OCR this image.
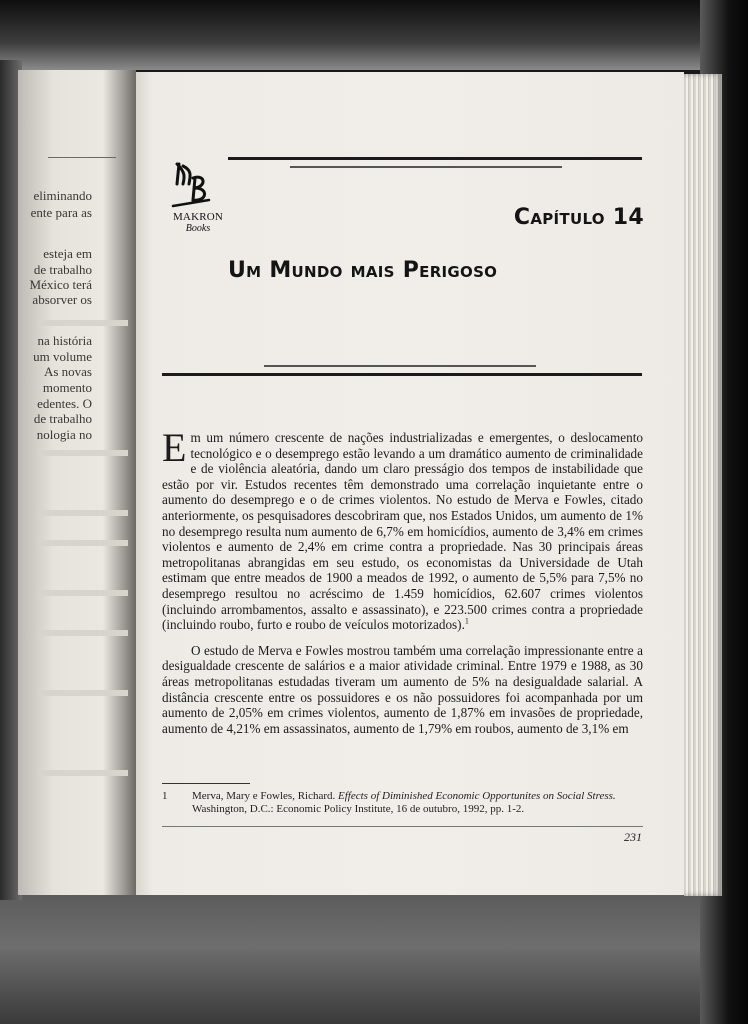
eliminando
ente para as
esteja em
de trabalho
México terá
absorver os
na história
um volume
As novas
momento
edentes. O
de trabalho
nologia no
MAKRON
Books	Capítulo 14
Um Mundo mais Perigoso

Em um número crescente de nações industrializadas e emergentes, o deslocamento tecnológico e o desemprego estão levando a um dramático aumento de criminalidade e de violência aleatória, dando um claro presságio dos tempos de instabilidade que estão por vir. Estudos recentes têm demonstrado uma correlação inquietante entre o aumento do desemprego e o de crimes violentos. No estudo de Merva e Fowles, citado anteriormente, os pesquisadores descobriram que, nos Estados Unidos, um aumento de 1% no desemprego resulta num aumento de 6,7% em homicídios, aumento de 3,4% em crimes violentos e aumento de 2,4% em crime contra a propriedade. Nas 30 principais áreas metropolitanas abrangidas em seu estudo, os economistas da Universidade de Utah estimam que entre meados de 1900 a meados de 1992, o aumento de 5,5% para 7,5% no desemprego resultou no acréscimo de 1.459 homicídios, 62.607 crimes violentos (incluindo arrombamentos, assalto e assassinato), e 223.500 crimes contra a propriedade (incluindo roubo, furto e roubo de veículos motorizados).$^1$

O estudo de Merva e Fowles mostrou também uma correlação impressionante entre a desigualdade crescente de salários e a maior atividade criminal. Entre 1979 e 1988, as 30 áreas metropolitanas estudadas tiveram um aumento de 5% na desigualdade salarial. A distância crescente entre os possuidores e os não possuidores foi acompanhada por um aumento de 2,05% em crimes violentos, aumento de 1,87% em invasões de propriedade, aumento de 4,21% em assassinatos, aumento de 1,79% em roubos, aumento de 3,1% em

1 Merva, Mary e Fowles, Richard. Effects of Diminished Economic Opportunites on Social Stress. Washington, D.C.: Economic Policy Institute, 16 de outubro, 1992, pp. 1-2.
231
